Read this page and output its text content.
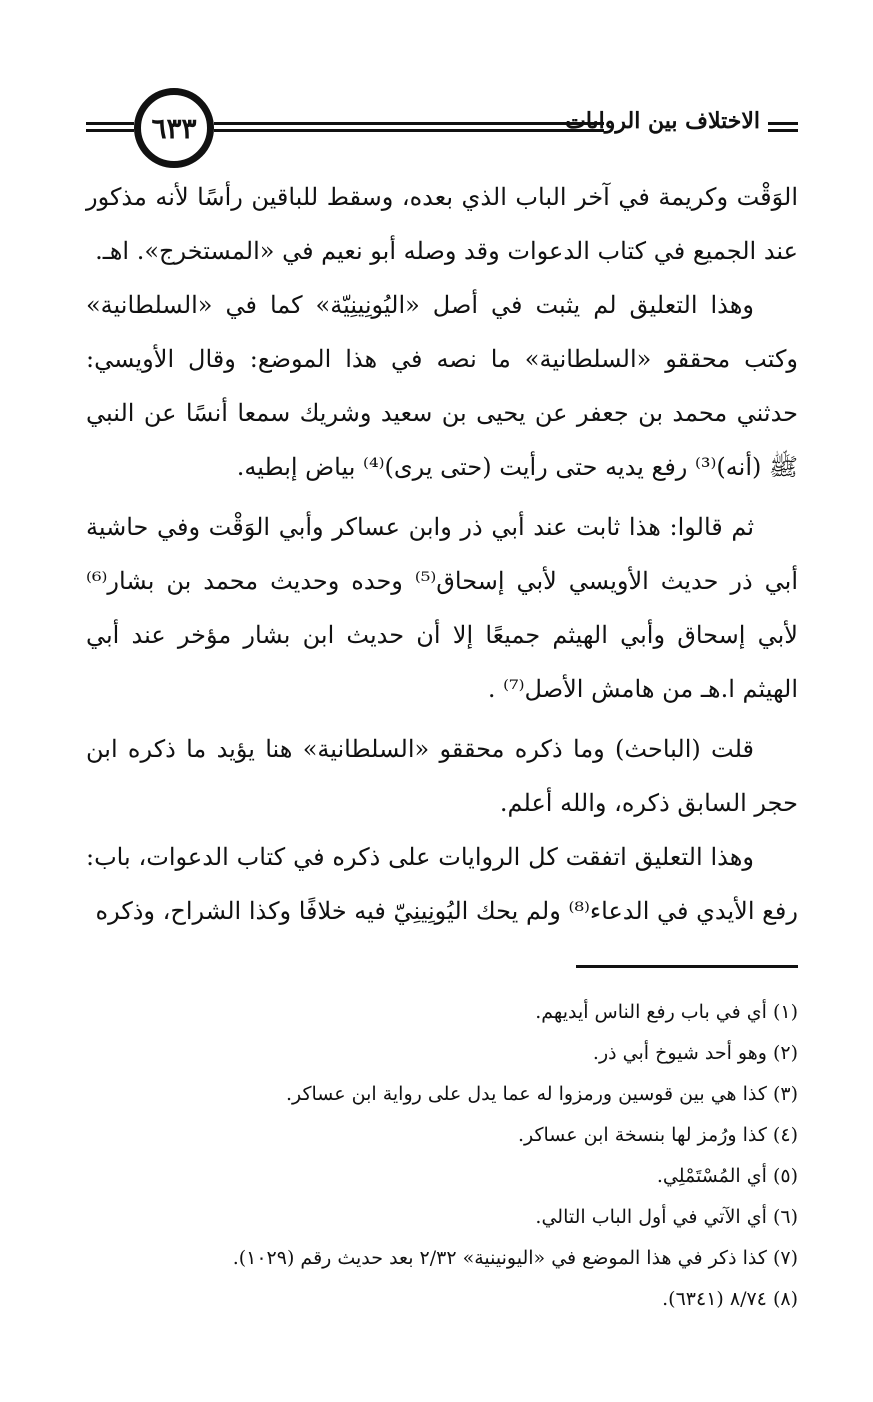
٦٣٣	الاختلاف بين الروايات

الوَقْت وكريمة في آخر الباب الذي بعده، وسقط للباقين رأسًا لأنه مذكور عند الجميع في كتاب الدعوات وقد وصله أبو نعيم في «المستخرج». اهـ.

وهذا التعليق لم يثبت في أصل «اليُونِينِيّة» كما في «السلطانية» وكتب محققو «السلطانية» ما نصه في هذا الموضع: وقال الأويسي: حدثني محمد بن جعفر عن يحيى بن سعيد وشريك سمعا أنسًا عن النبي ﷺ (أنه)⁽³⁾ رفع يديه حتى رأيت (حتى يرى)⁽⁴⁾ بياض إبطيه.

ثم قالوا: هذا ثابت عند أبي ذر وابن عساكر وأبي الوَقْت وفي حاشية أبي ذر حديث الأويسي لأبي إسحاق⁽⁵⁾ وحده وحديث محمد بن بشار⁽⁶⁾ لأبي إسحاق وأبي الهيثم جميعًا إلا أن حديث ابن بشار مؤخر عند أبي الهيثم ا.هـ من هامش الأصل⁽⁷⁾ .

قلت (الباحث) وما ذكره محققو «السلطانية» هنا يؤيد ما ذكره ابن حجر السابق ذكره، والله أعلم.

وهذا التعليق اتفقت كل الروايات على ذكره في كتاب الدعوات، باب: رفع الأيدي في الدعاء⁽⁸⁾ ولم يحك اليُونِينِيّ فيه خلافًا وكذا الشراح، وذكره

(١) أي في باب رفع الناس أيديهم.
(٢) وهو أحد شيوخ أبي ذر.
(٣) كذا هي بين قوسين ورمزوا له عما يدل على رواية ابن عساكر.
(٤) كذا ورُمز لها بنسخة ابن عساكر.
(٥) أي المُسْتَمْلِي.
(٦) أي الآتي في أول الباب التالي.
(٧) كذا ذكر في هذا الموضع في «اليونينية» ٢/٣٢ بعد حديث رقم (١٠٢٩).
(٨) ٨/٧٤ (٦٣٤١).
